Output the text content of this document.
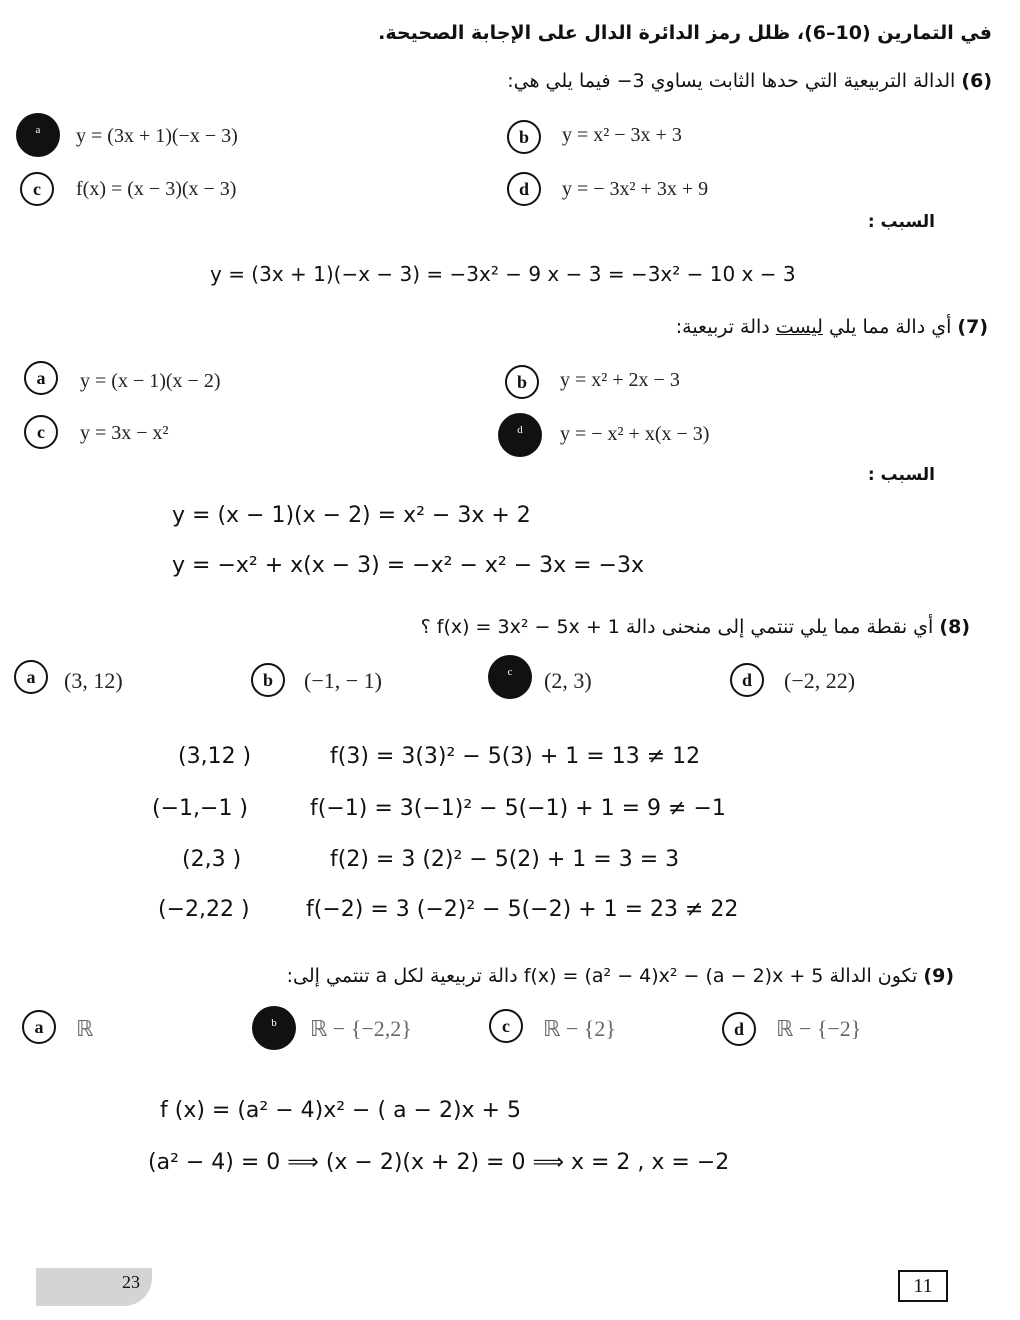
في التمارين (10–6)، ظلل رمز الدائرة الدال على الإجابة الصحيحة.
(6) الدالة التربيعية التي حدها الثابت يساوي 3− فيما يلي هي:
a	y = (3x + 1)(−x − 3)	b	y = x² − 3x + 3
c	f(x) = (x − 3)(x − 3)	d	y = − 3x² + 3x + 9
السبب :
y = (3x + 1)(−x − 3) = −3x² − 9 x − 3 = −3x² − 10 x − 3
(7) أي دالة مما يلي ليست دالة تربيعية:
a	y = (x − 1)(x − 2)	b	y = x² + 2x − 3
c	y = 3x − x²	d	y = − x² + x(x − 3)
السبب :
y = (x − 1)(x − 2) = x² − 3x + 2
y = −x² + x(x − 3) = −x² − x² − 3x = −3x
(8) أي نقطة مما يلي تنتمي إلى منحنى دالة f(x) = 3x² − 5x + 1 ؟
a	(3, 12)	b	(−1, − 1)	c	(2, 3)	d	(−2, 22)
(3,12 )	f(3) = 3(3)² − 5(3) + 1 = 13 ≠ 12
(−1,−1 )	f(−1) = 3(−1)² − 5(−1) + 1 = 9 ≠ −1
(2,3 )	f(2) = 3 (2)² − 5(2) + 1 = 3 = 3
(−2,22 )	f(−2) = 3 (−2)² − 5(−2) + 1 = 23 ≠ 22
(9) تكون الدالة f(x) = (a² − 4)x² − (a − 2)x + 5 دالة تربيعية لكل a تنتمي إلى:
a	ℝ	b	ℝ − {−2,2}	c	ℝ − {2}	d	ℝ − {−2}
f (x) = (a² − 4)x² − ( a − 2)x + 5
(a² − 4) = 0 ⟹ (x − 2)(x + 2) = 0 ⟹ x = 2 , x = −2
23	11
